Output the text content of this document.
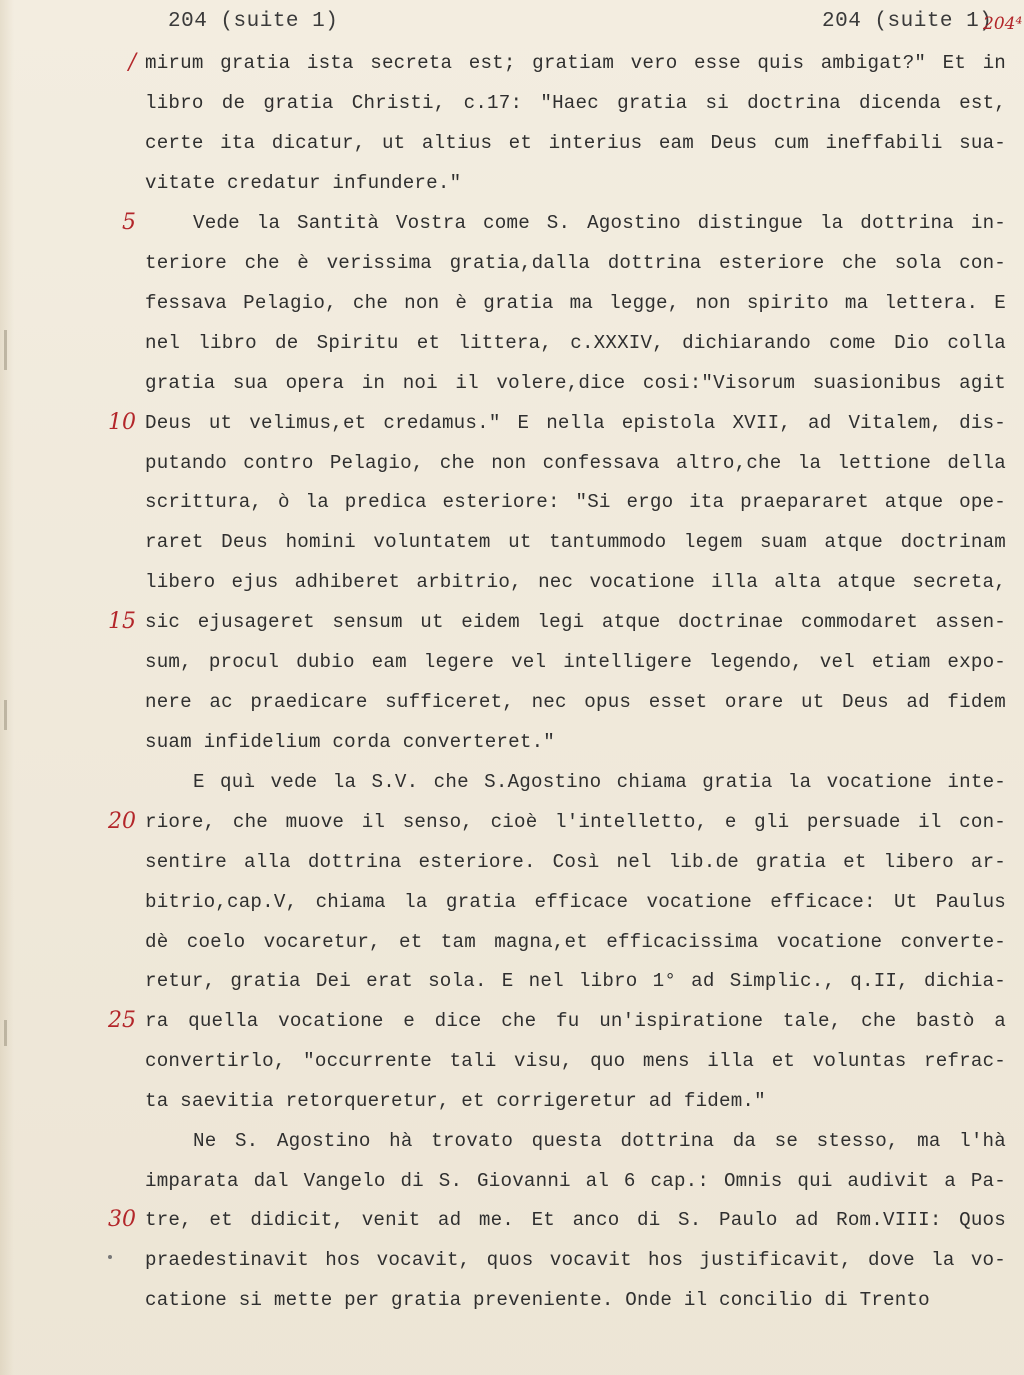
204 (suite 1)	204 (suite 1)
204⁴
/
5
10
15
20
25
30
mirum gratia ista secreta est; gratiam vero esse quis ambigat?" Et in
libro de gratia Christi, c.17: "Haec gratia si doctrina dicenda est,
certe ita dicatur, ut altius et interius eam Deus cum ineffabili sua-
vitate credatur infundere."
Vede la Santità Vostra come S. Agostino distingue la dottrina in-
teriore che è verissima gratia,dalla dottrina esteriore che sola con-
fessava Pelagio, che non è gratia ma legge, non spirito ma lettera. E
nel libro de Spiritu et littera, c.XXXIV, dichiarando come Dio colla
gratia sua opera in noi il volere,dice cosi:"Visorum suasionibus agit
Deus ut velimus,et credamus." E nella epistola XVII, ad Vitalem, dis-
putando contro Pelagio, che non confessava altro,che la lettione della
scrittura, ò la predica esteriore: "Si ergo ita praepararet atque ope-
raret Deus homini voluntatem ut tantummodo legem suam atque doctrinam
libero ejus adhiberet arbitrio, nec vocatione illa alta atque secreta,
sic ejusageret sensum ut eidem legi atque doctrinae commodaret assen-
sum, procul dubio eam legere vel intelligere legendo, vel etiam expo-
nere ac praedicare sufficeret, nec opus esset orare ut Deus ad fidem
suam infidelium corda converteret."
E quì vede la S.V. che S.Agostino chiama gratia la vocatione inte-
riore, che muove il senso, cioè l'intelletto, e gli persuade il con-
sentire alla dottrina esteriore. Così nel lib.de gratia et libero ar-
bitrio,cap.V, chiama la gratia efficace vocatione efficace: Ut Paulus
dè coelo vocaretur, et tam magna,et efficacissima vocatione converte-
retur, gratia Dei erat sola. E nel libro 1° ad Simplic., q.II, dichia-
ra quella vocatione e dice che fu un'ispiratione tale, che bastò a
convertirlo, "occurrente tali visu, quo mens illa et voluntas refrac-
ta saevitia retorqueretur, et corrigeretur ad fidem."
Ne S. Agostino hà trovato questa dottrina da se stesso, ma l'hà
imparata dal Vangelo di S. Giovanni al 6 cap.: Omnis qui audivit a Pa-
tre, et didicit, venit ad me. Et anco di S. Paulo ad Rom.VIII: Quos
praedestinavit hos vocavit, quos vocavit hos justificavit, dove la vo-
catione si mette per gratia preveniente. Onde il concilio di Trento
